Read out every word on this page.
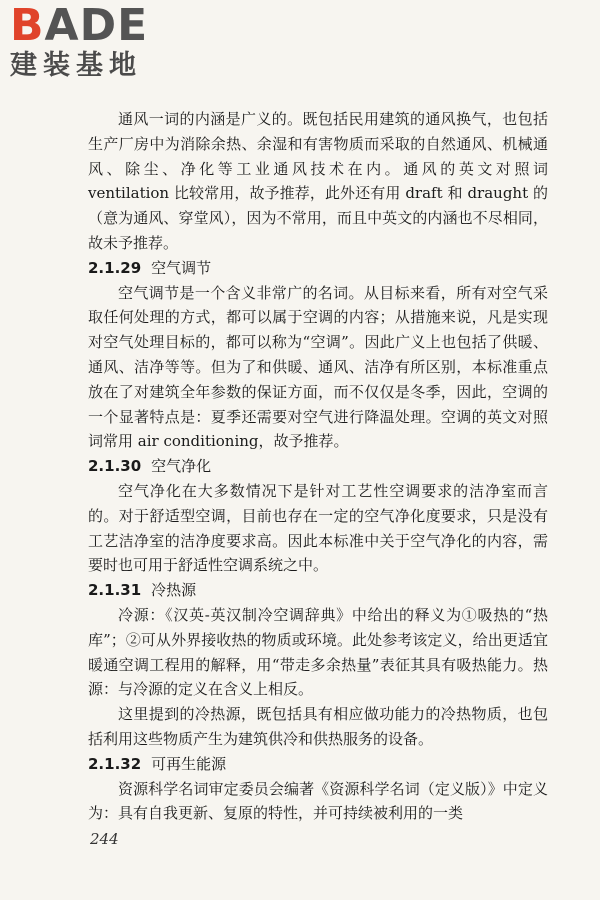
BADE
建装基地

通风一词的内涵是广义的。既包括民用建筑的通风换气，也包括生产厂房中为消除余热、余湿和有害物质而采取的自然通风、机械通风、除尘、净化等工业通风技术在内。通风的英文对照词 ventilation 比较常用，故予推荐，此外还有用 draft 和 draught 的（意为通风、穿堂风），因为不常用，而且中英文的内涵也不尽相同，故未予推荐。

2.1.29 空气调节

空气调节是一个含义非常广的名词。从目标来看，所有对空气采取任何处理的方式，都可以属于空调的内容；从措施来说，凡是实现对空气处理目标的，都可以称为“空调”。因此广义上也包括了供暖、通风、洁净等等。但为了和供暖、通风、洁净有所区别，本标准重点放在了对建筑全年参数的保证方面，而不仅仅是冬季，因此，空调的一个显著特点是：夏季还需要对空气进行降温处理。空调的英文对照词常用 air conditioning，故予推荐。

2.1.30 空气净化

空气净化在大多数情况下是针对工艺性空调要求的洁净室而言的。对于舒适型空调，目前也存在一定的空气净化度要求，只是没有工艺洁净室的洁净度要求高。因此本标准中关于空气净化的内容，需要时也可用于舒适性空调系统之中。

2.1.31 冷热源

冷源：《汉英-英汉制冷空调辞典》中给出的释义为①吸热的“热库”；②可从外界接收热的物质或环境。此处参考该定义，给出更适宜暖通空调工程用的解释，用“带走多余热量”表征其具有吸热能力。热源：与冷源的定义在含义上相反。

这里提到的冷热源，既包括具有相应做功能力的冷热物质，也包括利用这些物质产生为建筑供冷和供热服务的设备。

2.1.32 可再生能源

资源科学名词审定委员会编著《资源科学名词（定义版）》中定义为：具有自我更新、复原的特性，并可持续被利用的一类

244
